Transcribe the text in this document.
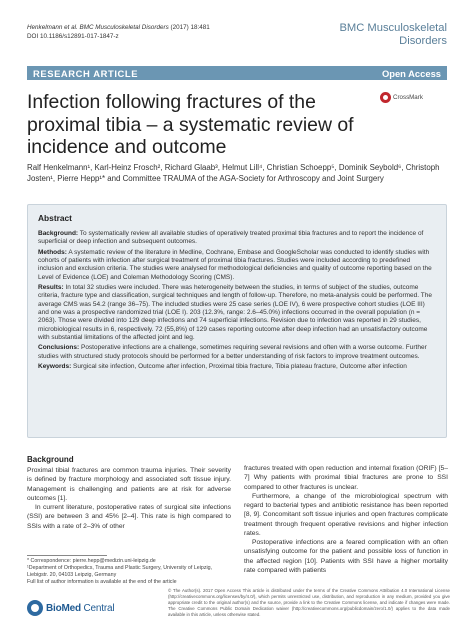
Henkelmann et al. BMC Musculoskeletal Disorders (2017) 18:481
DOI 10.1186/s12891-017-1847-z
BMC Musculoskeletal
Disorders
RESEARCH ARTICLE	Open Access
Infection following fractures of the proximal tibia – a systematic review of incidence and outcome
CrossMark
Ralf Henkelmann¹, Karl-Heinz Frosch², Richard Glaab³, Helmut Lill⁴, Christian Schoepp⁵, Dominik Seybold⁶, Christoph Josten¹, Pierre Hepp¹* and Committee TRAUMA of the AGA-Society for Arthroscopy and Joint Surgery
Abstract

Background: To systematically review all available studies of operatively treated proximal tibia fractures and to report the incidence of superficial or deep infection and subsequent outcomes.

Methods: A systematic review of the literature in Medline, Cochrane, Embase and GoogleScholar was conducted to identify studies with cohorts of patients with infection after surgical treatment of proximal tibia fractures. Studies were included according to predefined inclusion and exclusion criteria. The studies were analysed for methodological deficiencies and quality of outcome reporting based on the Level of Evidence (LOE) and Coleman Methodology Scoring (CMS).

Results: In total 32 studies were included. There was heterogeneity between the studies, in terms of subject of the studies, outcome criteria, fracture type and classification, surgical techniques and length of follow-up. Therefore, no meta-analysis could be performed. The average CMS was 54.2 (range 36–75). The included studies were 25 case series (LOE IV), 6 were prospective cohort studies (LOE III) and one was a prospective randomized trial (LOE I). 203 (12.3%, range: 2.6–45.0%) infections occurred in the overall population (n = 2063). Those were divided into 129 deep infections and 74 superficial infections. Revision due to infection was reported in 29 studies, microbiological results in 6, respectively. 72 (55,8%) of 129 cases reporting outcome after deep infection had an unsatisfactory outcome with substantial limitations of the affected joint and leg.

Conclusions: Postoperative infections are a challenge, sometimes requiring several revisions and often with a worse outcome. Further studies with structured study protocols should be performed for a better understanding of risk factors to improve treatment outcomes.

Keywords: Surgical site infection, Outcome after infection, Proximal tibia fracture, Tibia plateau fracture, Outcome after infection

Background

Proximal tibial fractures are common trauma injuries. Their severity is defined by fracture morphology and associated soft tissue injury. Management is challenging and patients are at risk for adverse outcomes [1].

In current literature, postoperative rates of surgical site infections (SSI) are between 3 and 45% [2–4]. This rate is high compared to SSIs with a rate of 2–3% of other

fractures treated with open reduction and internal fixation (ORIF) [5–7] Why patients with proximal tibial fractures are prone to SSI compared to other fractures is unclear.

Furthermore, a change of the microbiological spectrum with regard to bacterial types and antibiotic resistance has been reported [8, 9]. Concomitant soft tissue injuries and open fractures complicate treatment through frequent operative revisions and higher infection rates.

Postoperative infections are a feared complication with an often unsatisfying outcome for the patient and possible loss of function in the affected region [10]. Patients with SSI have a higher mortality rate compared with patients

* Correspondence: pierre.hepp@medizin.uni-leipzig.de
¹Department of Orthopedics, Trauma and Plastic Surgery, University of Leipzig, Liebigstr. 20, 04103 Leipzig, Germany
Full list of author information is available at the end of the article
BioMed Central
© The Author(s). 2017 Open Access This article is distributed under the terms of the Creative Commons Attribution 4.0 International License (http://creativecommons.org/licenses/by/4.0/), which permits unrestricted use, distribution, and reproduction in any medium, provided you give appropriate credit to the original author(s) and the source, provide a link to the Creative Commons license, and indicate if changes were made. The Creative Commons Public Domain Dedication waiver (http://creativecommons.org/publicdomain/zero/1.0/) applies to the data made available in this article, unless otherwise stated.
